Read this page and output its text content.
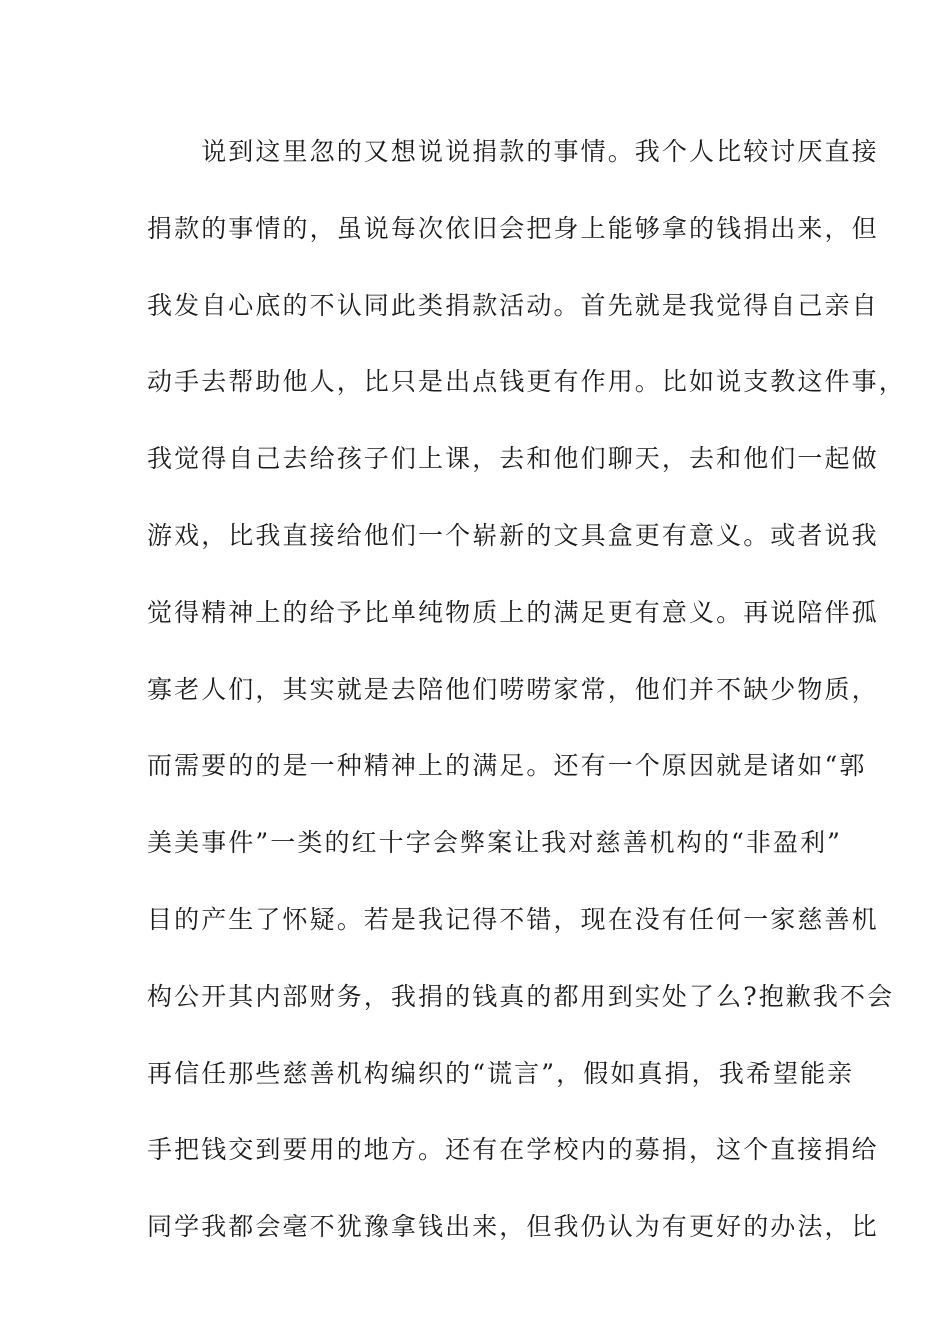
　　说到这里忽的又想说说捐款的事情。我个人比较讨厌直接
捐款的事情的，虽说每次依旧会把身上能够拿的钱捐出来，但
我发自心底的不认同此类捐款活动。首先就是我觉得自己亲自
动手去帮助他人，比只是出点钱更有作用。比如说支教这件事，
我觉得自己去给孩子们上课，去和他们聊天，去和他们一起做
游戏，比我直接给他们一个崭新的文具盒更有意义。或者说我
觉得精神上的给予比单纯物质上的满足更有意义。再说陪伴孤
寡老人们，其实就是去陪他们唠唠家常，他们并不缺少物质，
而需要的的是一种精神上的满足。还有一个原因就是诸如“郭
美美事件”一类的红十字会弊案让我对慈善机构的“非盈利”
目的产生了怀疑。若是我记得不错，现在没有任何一家慈善机
构公开其内部财务，我捐的钱真的都用到实处了么?抱歉我不会
再信任那些慈善机构编织的“谎言”，假如真捐，我希望能亲
手把钱交到要用的地方。还有在学校内的募捐，这个直接捐给
同学我都会毫不犹豫拿钱出来，但我仍认为有更好的办法，比
